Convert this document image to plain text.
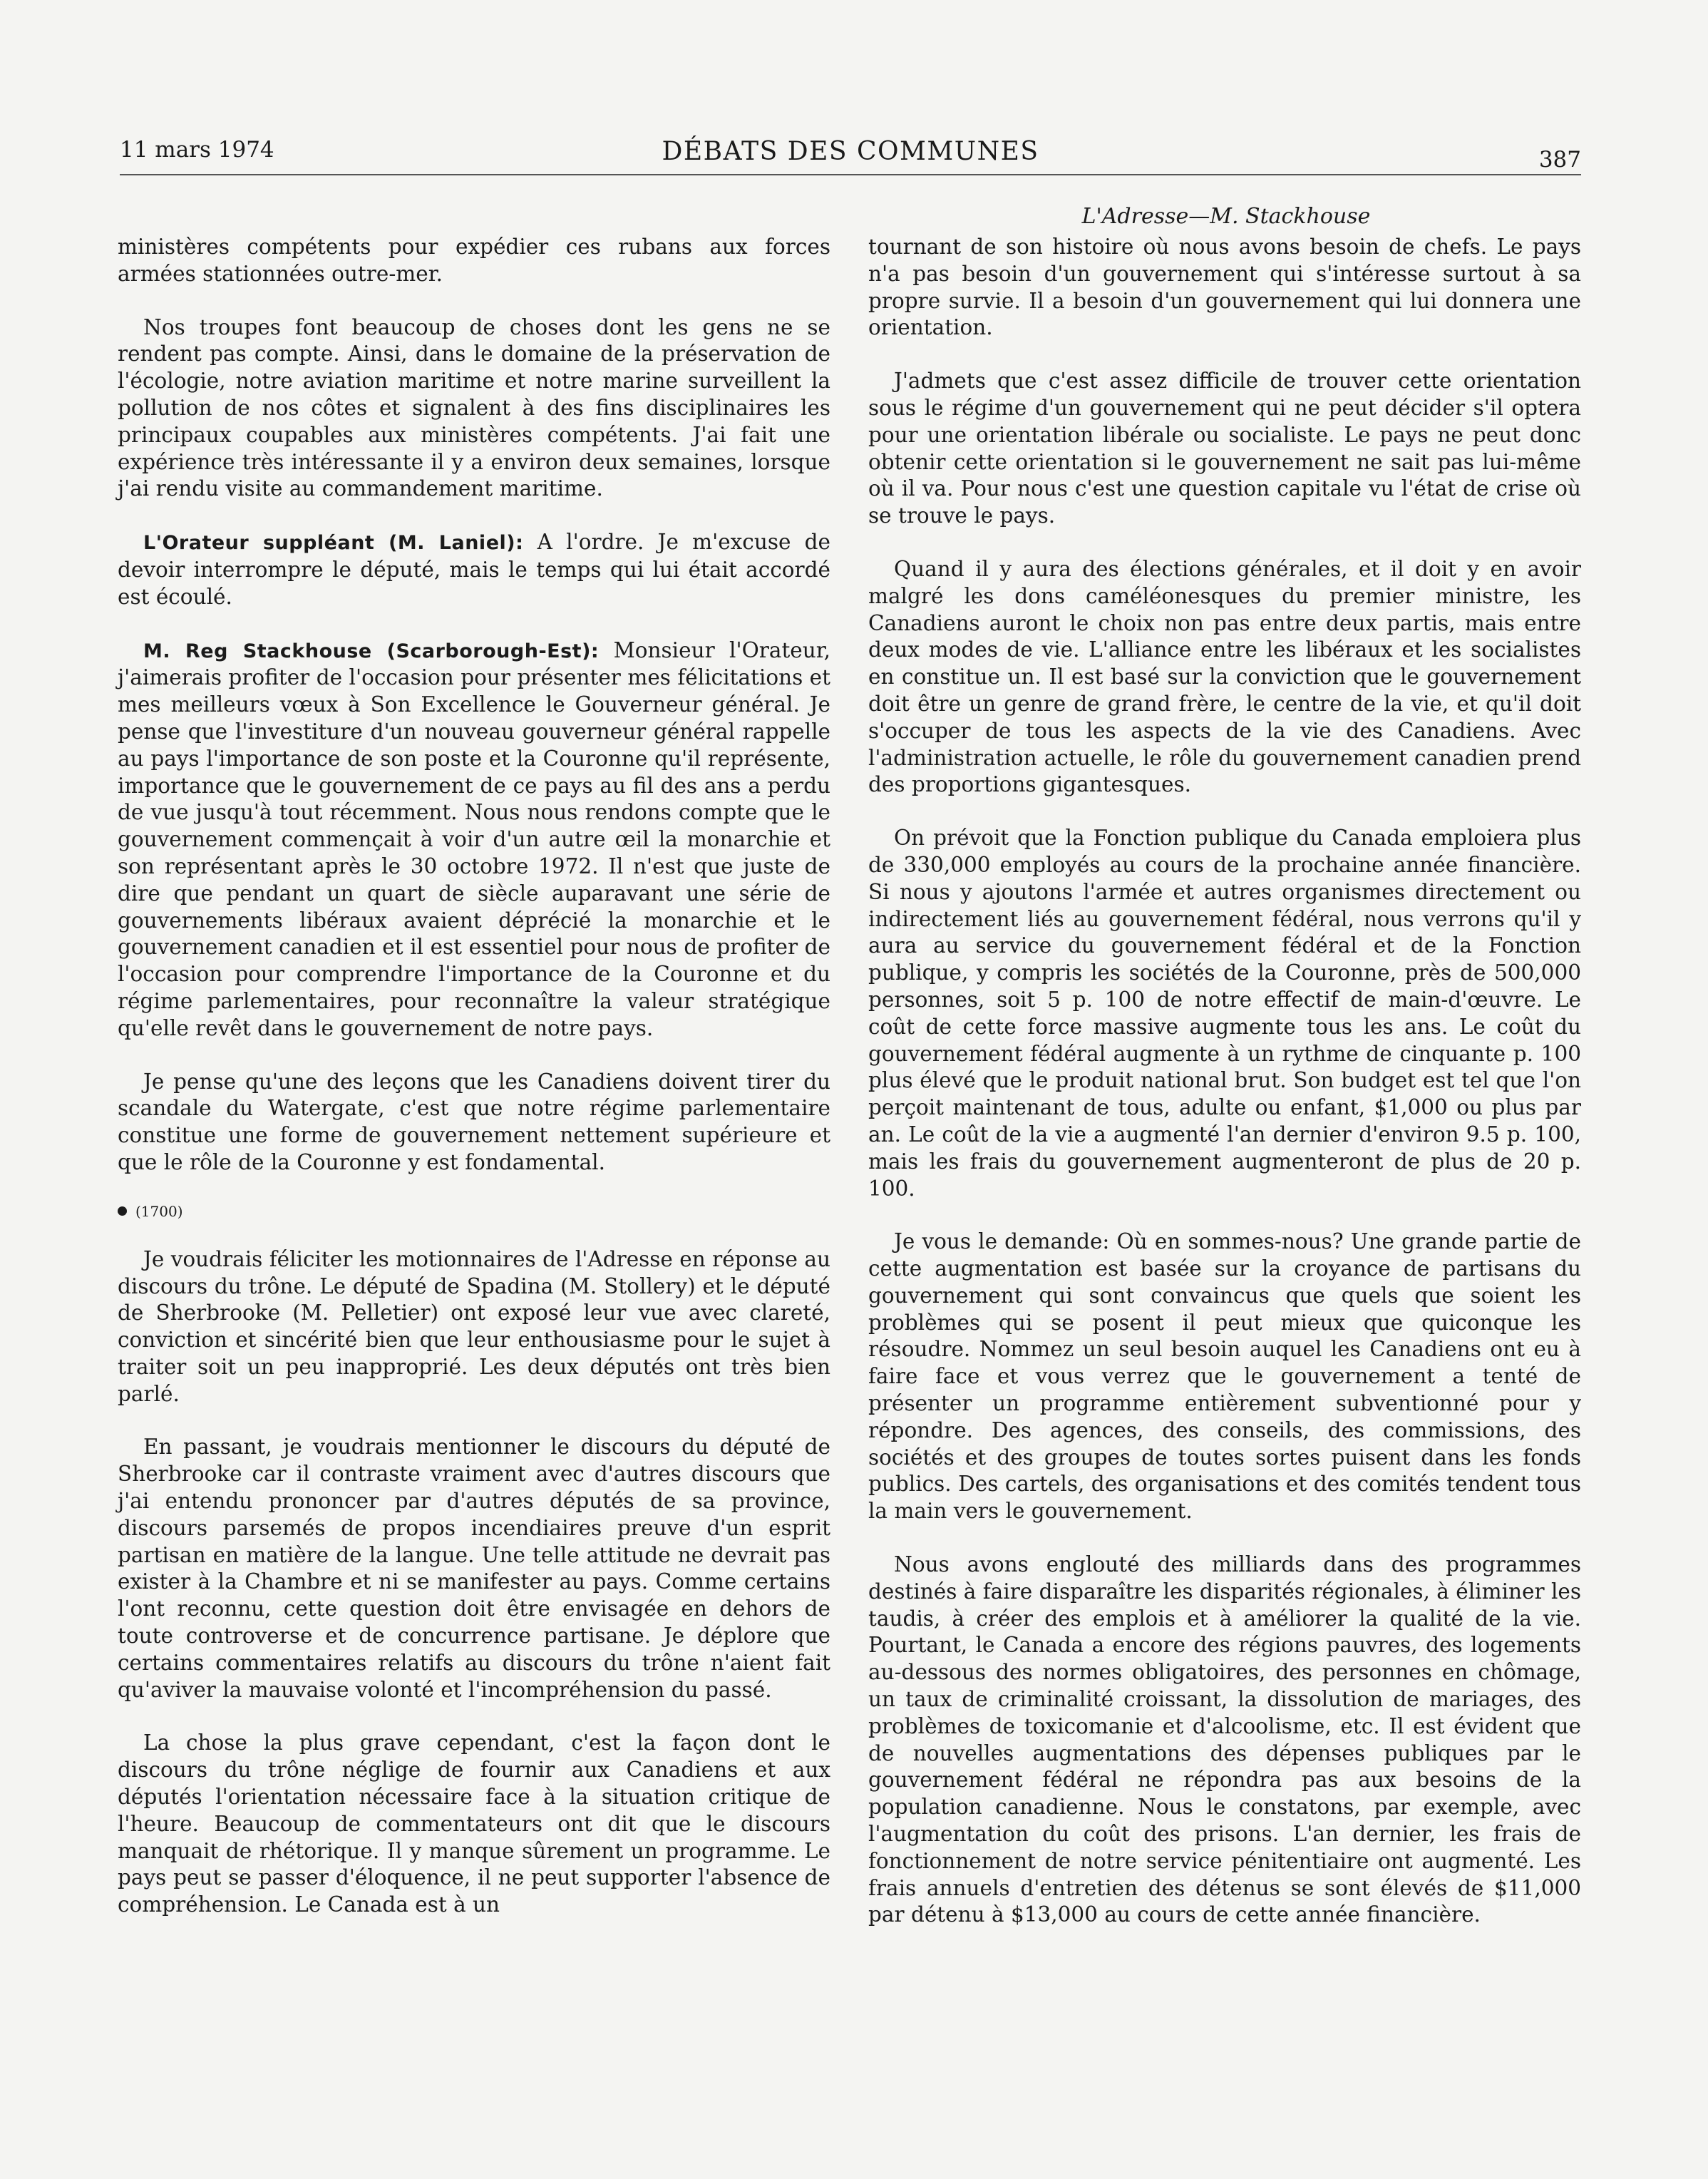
11 mars 1974	DÉBATS DES COMMUNES	387
L'Adresse—M. Stackhouse

ministères compétents pour expédier ces rubans aux forces armées stationnées outre-mer.

Nos troupes font beaucoup de choses dont les gens ne se rendent pas compte. Ainsi, dans le domaine de la préservation de l'écologie, notre aviation maritime et notre marine surveillent la pollution de nos côtes et signalent à des fins disciplinaires les principaux coupables aux ministères compétents. J'ai fait une expérience très intéressante il y a environ deux semaines, lorsque j'ai rendu visite au commandement maritime.

L'Orateur suppléant (M. Laniel): A l'ordre. Je m'excuse de devoir interrompre le député, mais le temps qui lui était accordé est écoulé.

M. Reg Stackhouse (Scarborough-Est): Monsieur l'Orateur, j'aimerais profiter de l'occasion pour présenter mes félicitations et mes meilleurs vœux à Son Excellence le Gouverneur général. Je pense que l'investiture d'un nouveau gouverneur général rappelle au pays l'importance de son poste et la Couronne qu'il représente, importance que le gouvernement de ce pays au fil des ans a perdu de vue jusqu'à tout récemment. Nous nous rendons compte que le gouvernement commençait à voir d'un autre œil la monarchie et son représentant après le 30 octobre 1972. Il n'est que juste de dire que pendant un quart de siècle auparavant une série de gouvernements libéraux avaient déprécié la monarchie et le gouvernement canadien et il est essentiel pour nous de profiter de l'occasion pour comprendre l'importance de la Couronne et du régime parlementaires, pour reconnaître la valeur stratégique qu'elle revêt dans le gouvernement de notre pays.

Je pense qu'une des leçons que les Canadiens doivent tirer du scandale du Watergate, c'est que notre régime parlementaire constitue une forme de gouvernement nettement supérieure et que le rôle de la Couronne y est fondamental.

(1700)

Je voudrais féliciter les motionnaires de l'Adresse en réponse au discours du trône. Le député de Spadina (M. Stollery) et le député de Sherbrooke (M. Pelletier) ont exposé leur vue avec clareté, conviction et sincérité bien que leur enthousiasme pour le sujet à traiter soit un peu inapproprié. Les deux députés ont très bien parlé.

En passant, je voudrais mentionner le discours du député de Sherbrooke car il contraste vraiment avec d'autres discours que j'ai entendu prononcer par d'autres députés de sa province, discours parsemés de propos incendiaires preuve d'un esprit partisan en matière de la langue. Une telle attitude ne devrait pas exister à la Chambre et ni se manifester au pays. Comme certains l'ont reconnu, cette question doit être envisagée en dehors de toute controverse et de concurrence partisane. Je déplore que certains commentaires relatifs au discours du trône n'aient fait qu'aviver la mauvaise volonté et l'incompréhension du passé.

La chose la plus grave cependant, c'est la façon dont le discours du trône néglige de fournir aux Canadiens et aux députés l'orientation nécessaire face à la situation critique de l'heure. Beaucoup de commentateurs ont dit que le discours manquait de rhétorique. Il y manque sûrement un programme. Le pays peut se passer d'éloquence, il ne peut supporter l'absence de compréhension. Le Canada est à un

tournant de son histoire où nous avons besoin de chefs. Le pays n'a pas besoin d'un gouvernement qui s'intéresse surtout à sa propre survie. Il a besoin d'un gouvernement qui lui donnera une orientation.

J'admets que c'est assez difficile de trouver cette orientation sous le régime d'un gouvernement qui ne peut décider s'il optera pour une orientation libérale ou socialiste. Le pays ne peut donc obtenir cette orientation si le gouvernement ne sait pas lui-même où il va. Pour nous c'est une question capitale vu l'état de crise où se trouve le pays.

Quand il y aura des élections générales, et il doit y en avoir malgré les dons caméléonesques du premier ministre, les Canadiens auront le choix non pas entre deux partis, mais entre deux modes de vie. L'alliance entre les libéraux et les socialistes en constitue un. Il est basé sur la conviction que le gouvernement doit être un genre de grand frère, le centre de la vie, et qu'il doit s'occuper de tous les aspects de la vie des Canadiens. Avec l'administration actuelle, le rôle du gouvernement canadien prend des proportions gigantesques.

On prévoit que la Fonction publique du Canada emploiera plus de 330,000 employés au cours de la prochaine année financière. Si nous y ajoutons l'armée et autres organismes directement ou indirectement liés au gouvernement fédéral, nous verrons qu'il y aura au service du gouvernement fédéral et de la Fonction publique, y compris les sociétés de la Couronne, près de 500,000 personnes, soit 5 p. 100 de notre effectif de main-d'œuvre. Le coût de cette force massive augmente tous les ans. Le coût du gouvernement fédéral augmente à un rythme de cinquante p. 100 plus élevé que le produit national brut. Son budget est tel que l'on perçoit maintenant de tous, adulte ou enfant, $1,000 ou plus par an. Le coût de la vie a augmenté l'an dernier d'environ 9.5 p. 100, mais les frais du gouvernement augmenteront de plus de 20 p. 100.

Je vous le demande: Où en sommes-nous? Une grande partie de cette augmentation est basée sur la croyance de partisans du gouvernement qui sont convaincus que quels que soient les problèmes qui se posent il peut mieux que quiconque les résoudre. Nommez un seul besoin auquel les Canadiens ont eu à faire face et vous verrez que le gouvernement a tenté de présenter un programme entièrement subventionné pour y répondre. Des agences, des conseils, des commissions, des sociétés et des groupes de toutes sortes puisent dans les fonds publics. Des cartels, des organisations et des comités tendent tous la main vers le gouvernement.

Nous avons englouté des milliards dans des programmes destinés à faire disparaître les disparités régionales, à éliminer les taudis, à créer des emplois et à améliorer la qualité de la vie. Pourtant, le Canada a encore des régions pauvres, des logements au-dessous des normes obligatoires, des personnes en chômage, un taux de criminalité croissant, la dissolution de mariages, des problèmes de toxicomanie et d'alcoolisme, etc. Il est évident que de nouvelles augmentations des dépenses publiques par le gouvernement fédéral ne répondra pas aux besoins de la population canadienne. Nous le constatons, par exemple, avec l'augmentation du coût des prisons. L'an dernier, les frais de fonctionnement de notre service pénitentiaire ont augmenté. Les frais annuels d'entretien des détenus se sont élevés de $11,000 par détenu à $13,000 au cours de cette année financière.
